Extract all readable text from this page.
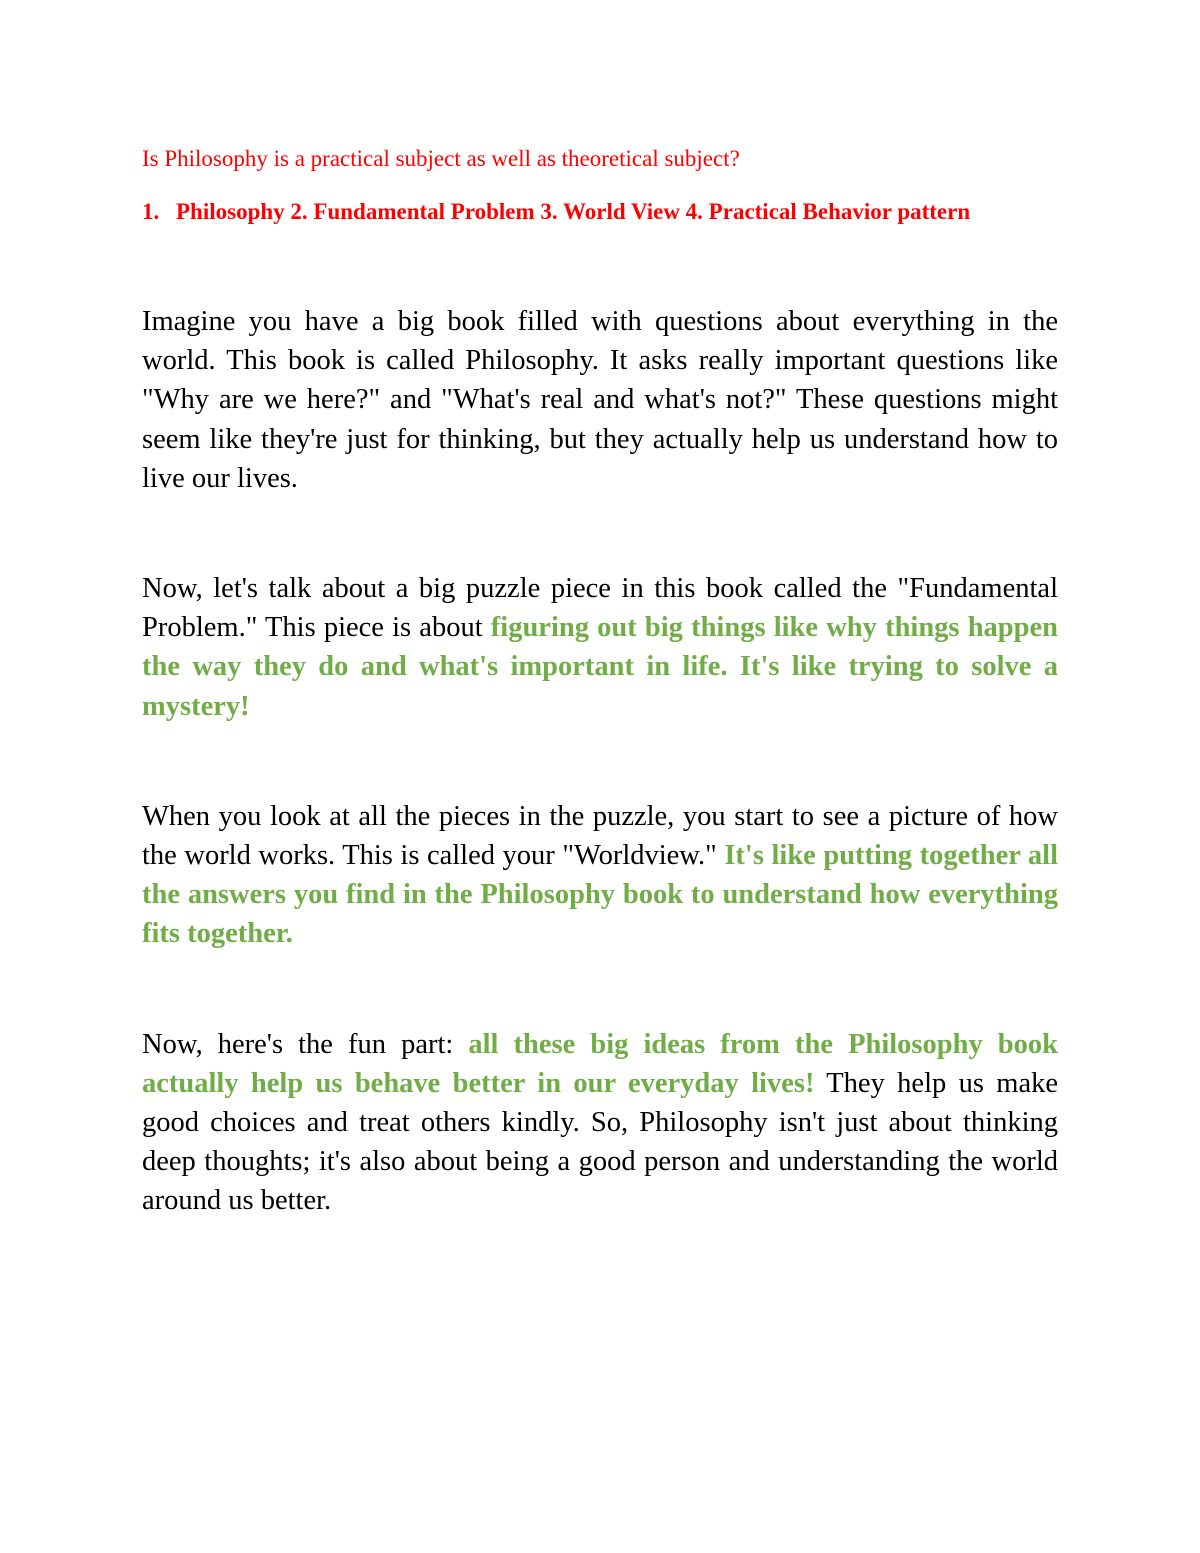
Is Philosophy is a practical subject as well as theoretical subject?

1. Philosophy 2. Fundamental Problem 3. World View 4. Practical Behavior pattern

Imagine you have a big book filled with questions about everything in the world. This book is called Philosophy. It asks really important questions like "Why are we here?" and "What's real and what's not?" These questions might seem like they're just for thinking, but they actually help us understand how to live our lives.

Now, let's talk about a big puzzle piece in this book called the "Fundamental Problem." This piece is about figuring out big things like why things happen the way they do and what's important in life. It's like trying to solve a mystery!

When you look at all the pieces in the puzzle, you start to see a picture of how the world works. This is called your "Worldview." It's like putting together all the answers you find in the Philosophy book to understand how everything fits together.

Now, here's the fun part: all these big ideas from the Philosophy book actually help us behave better in our everyday lives! They help us make good choices and treat others kindly. So, Philosophy isn't just about thinking deep thoughts; it's also about being a good person and understanding the world around us better.
